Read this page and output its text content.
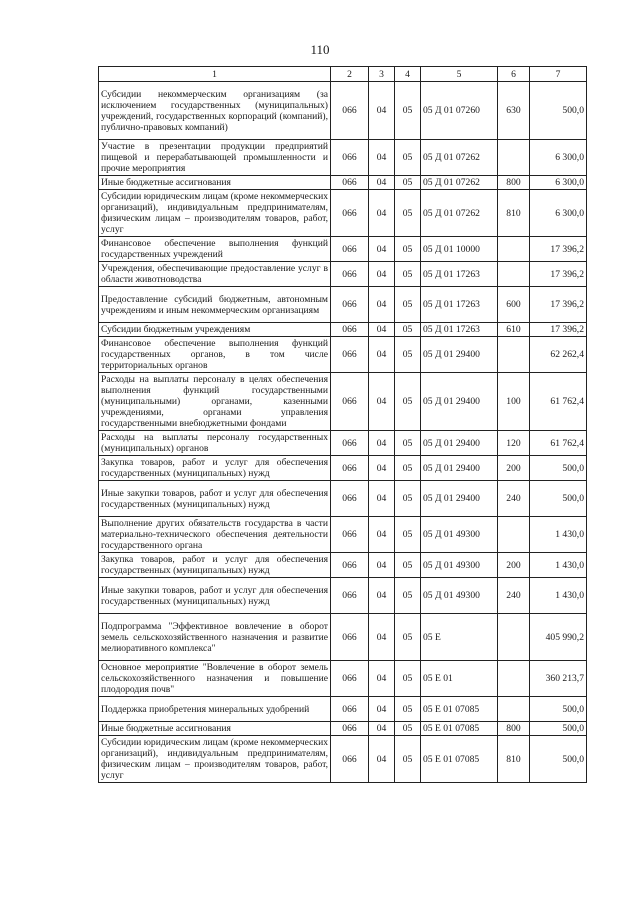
110
1	2	3	4	5	6	7
Субсидии некоммерческим организациям (за исключением государственных (муниципальных) учреждений, государственных корпораций (компаний), публично-правовых компаний)	066	04	05	05 Д 01 07260	630	500,0
Участие в презентации продукции предприятий пищевой и перерабатывающей промышленности и прочие мероприятия	066	04	05	05 Д 01 07262		6 300,0
Иные бюджетные ассигнования	066	04	05	05 Д 01 07262	800	6 300,0
Субсидии юридическим лицам (кроме некоммерческих организаций), индивидуальным предпринимателям, физическим лицам – производителям товаров, работ, услуг	066	04	05	05 Д 01 07262	810	6 300,0
Финансовое обеспечение выполнения функций государственных учреждений	066	04	05	05 Д 01 10000		17 396,2
Учреждения, обеспечивающие предоставление услуг в области животноводства	066	04	05	05 Д 01 17263		17 396,2
Предоставление субсидий бюджетным, автономным учреждениям и иным некоммерческим организациям	066	04	05	05 Д 01 17263	600	17 396,2
Субсидии бюджетным учреждениям	066	04	05	05 Д 01 17263	610	17 396,2
Финансовое обеспечение выполнения функций государственных органов, в том числе территориальных органов	066	04	05	05 Д 01 29400		62 262,4
Расходы на выплаты персоналу в целях обеспечения выполнения функций государственными (муниципальными) органами, казенными учреждениями, органами управления государственными внебюджетными фондами	066	04	05	05 Д 01 29400	100	61 762,4
Расходы на выплаты персоналу государственных (муниципальных) органов	066	04	05	05 Д 01 29400	120	61 762,4
Закупка товаров, работ и услуг для обеспечения государственных (муниципальных) нужд	066	04	05	05 Д 01 29400	200	500,0
Иные закупки товаров, работ и услуг для обеспечения государственных (муниципальных) нужд	066	04	05	05 Д 01 29400	240	500,0
Выполнение других обязательств государства в части материально-технического обеспечения деятельности государственного органа	066	04	05	05 Д 01 49300		1 430,0
Закупка товаров, работ и услуг для обеспечения государственных (муниципальных) нужд	066	04	05	05 Д 01 49300	200	1 430,0
Иные закупки товаров, работ и услуг для обеспечения государственных (муниципальных) нужд	066	04	05	05 Д 01 49300	240	1 430,0
Подпрограмма "Эффективное вовлечение в оборот земель сельскохозяйственного назначения и развитие мелиоративного комплекса"	066	04	05	05 Е		405 990,2
Основное мероприятие "Вовлечение в оборот земель сельскохозяйственного назначения и повышение плодородия почв"	066	04	05	05 Е 01		360 213,7
Поддержка приобретения минеральных удобрений	066	04	05	05 Е 01 07085		500,0
Иные бюджетные ассигнования	066	04	05	05 Е 01 07085	800	500,0
Субсидии юридическим лицам (кроме некоммерческих организаций), индивидуальным предпринимателям, физическим лицам – производителям товаров, работ, услуг	066	04	05	05 Е 01 07085	810	500,0
